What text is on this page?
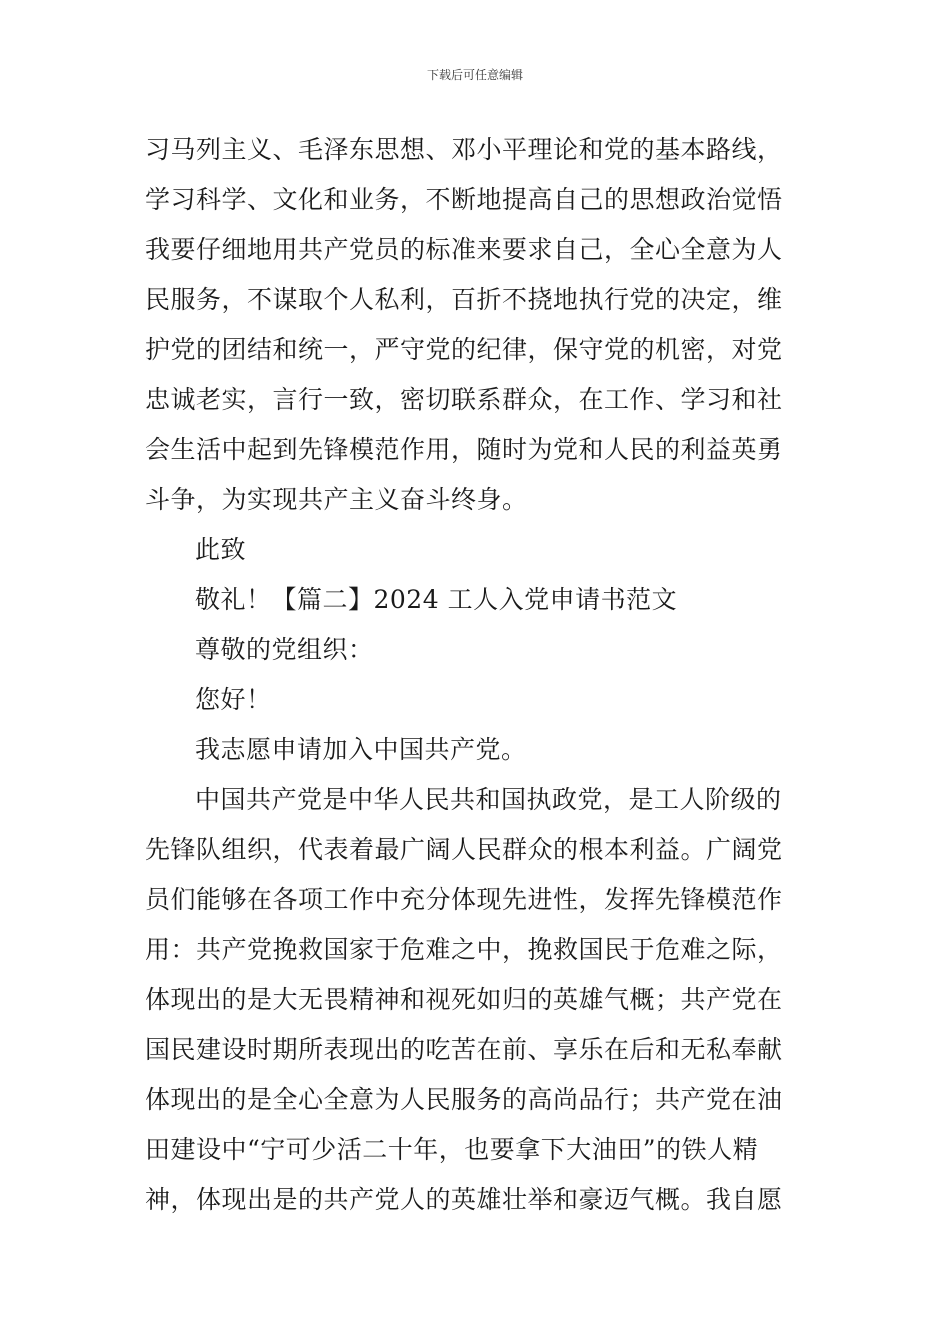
下载后可任意编辑
习马列主义、毛泽东思想、邓小平理论和党的基本路线，
学习科学、文化和业务，不断地提高自己的思想政治觉悟
我要仔细地用共产党员的标准来要求自己，全心全意为人
民服务，不谋取个人私利，百折不挠地执行党的决定，维
护党的团结和统一，严守党的纪律，保守党的机密，对党
忠诚老实，言行一致，密切联系群众，在工作、学习和社
会生活中起到先锋模范作用，随时为党和人民的利益英勇
斗争，为实现共产主义奋斗终身。
此致
敬礼！【篇二】2024 工人入党申请书范文
尊敬的党组织：
您好！
我志愿申请加入中国共产党。
中国共产党是中华人民共和国执政党，是工人阶级的
先锋队组织，代表着最广阔人民群众的根本利益。广阔党
员们能够在各项工作中充分体现先进性，发挥先锋模范作
用：共产党挽救国家于危难之中，挽救国民于危难之际，
体现出的是大无畏精神和视死如归的英雄气概；共产党在
国民建设时期所表现出的吃苦在前、享乐在后和无私奉献
体现出的是全心全意为人民服务的高尚品行；共产党在油
田建设中“宁可少活二十年，也要拿下大油田”的铁人精
神，体现出是的共产党人的英雄壮举和豪迈气概。我自愿
